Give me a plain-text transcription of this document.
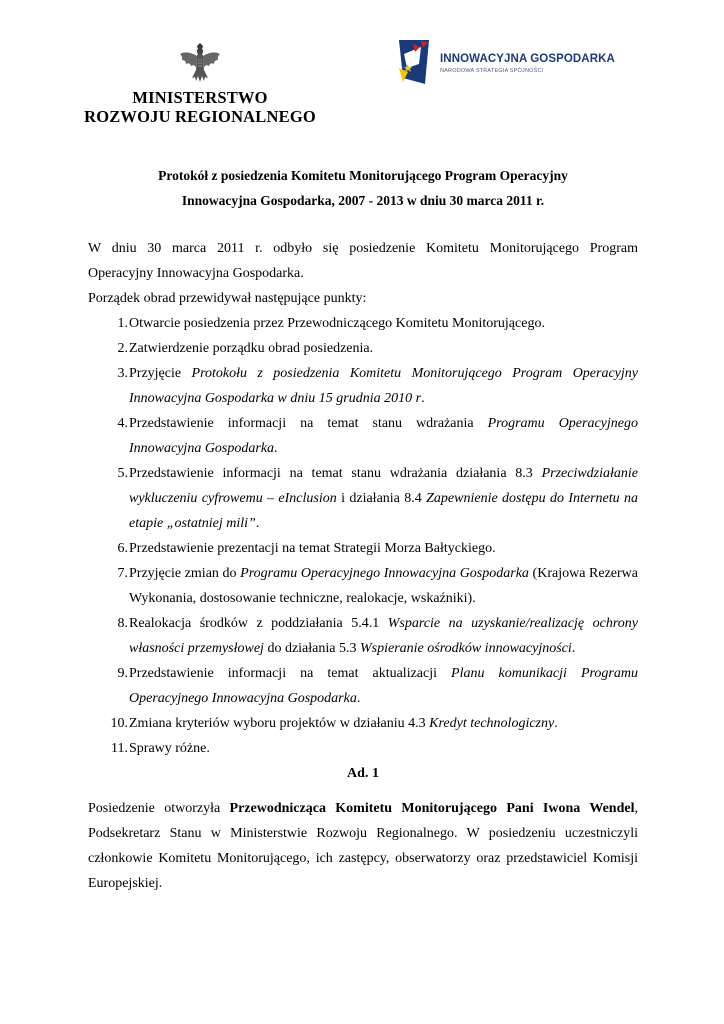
MINISTERSTWO
ROZWOJU REGIONALNEGO
INNOWACYJNA GOSPODARKA
NARODOWA STRATEGIA SPÓJNOŚCI
Protokół z posiedzenia Komitetu Monitorującego Program Operacyjny
Innowacyjna Gospodarka, 2007 - 2013 w dniu 30 marca 2011 r.
W dniu 30 marca 2011 r. odbyło się posiedzenie Komitetu Monitorującego Program
Operacyjny Innowacyjna Gospodarka.
Porządek obrad przewidywał następujące punkty:
1. Otwarcie posiedzenia przez Przewodniczącego Komitetu Monitorującego.
2. Zatwierdzenie porządku obrad posiedzenia.
3. Przyjęcie Protokołu z posiedzenia Komitetu Monitorującego Program Operacyjny Innowacyjna Gospodarka w dniu 15 grudnia 2010 r.
4. Przedstawienie informacji na temat stanu wdrażania Programu Operacyjnego Innowacyjna Gospodarka.
5. Przedstawienie informacji na temat stanu wdrażania działania 8.3 Przeciwdziałanie wykluczeniu cyfrowemu – eInclusion i działania 8.4 Zapewnienie dostępu do Internetu na etapie „ostatniej mili”.
6. Przedstawienie prezentacji na temat Strategii Morza Bałtyckiego.
7. Przyjęcie zmian do Programu Operacyjnego Innowacyjna Gospodarka (Krajowa Rezerwa Wykonania, dostosowanie techniczne, realokacje, wskaźniki).
8. Realokacja środków z poddziałania 5.4.1 Wsparcie na uzyskanie/realizację ochrony własności przemysłowej do działania 5.3 Wspieranie ośrodków innowacyjności.
9. Przedstawienie informacji na temat aktualizacji Planu komunikacji Programu Operacyjnego Innowacyjna Gospodarka.
10. Zmiana kryteriów wyboru projektów w działaniu 4.3 Kredyt technologiczny.
11. Sprawy różne.
Ad. 1
Posiedzenie otworzyła Przewodnicząca Komitetu Monitorującego Pani Iwona Wendel, Podsekretarz Stanu w Ministerstwie Rozwoju Regionalnego. W posiedzeniu uczestniczyli członkowie Komitetu Monitorującego, ich zastępcy, obserwatorzy oraz przedstawiciel Komisji Europejskiej.
